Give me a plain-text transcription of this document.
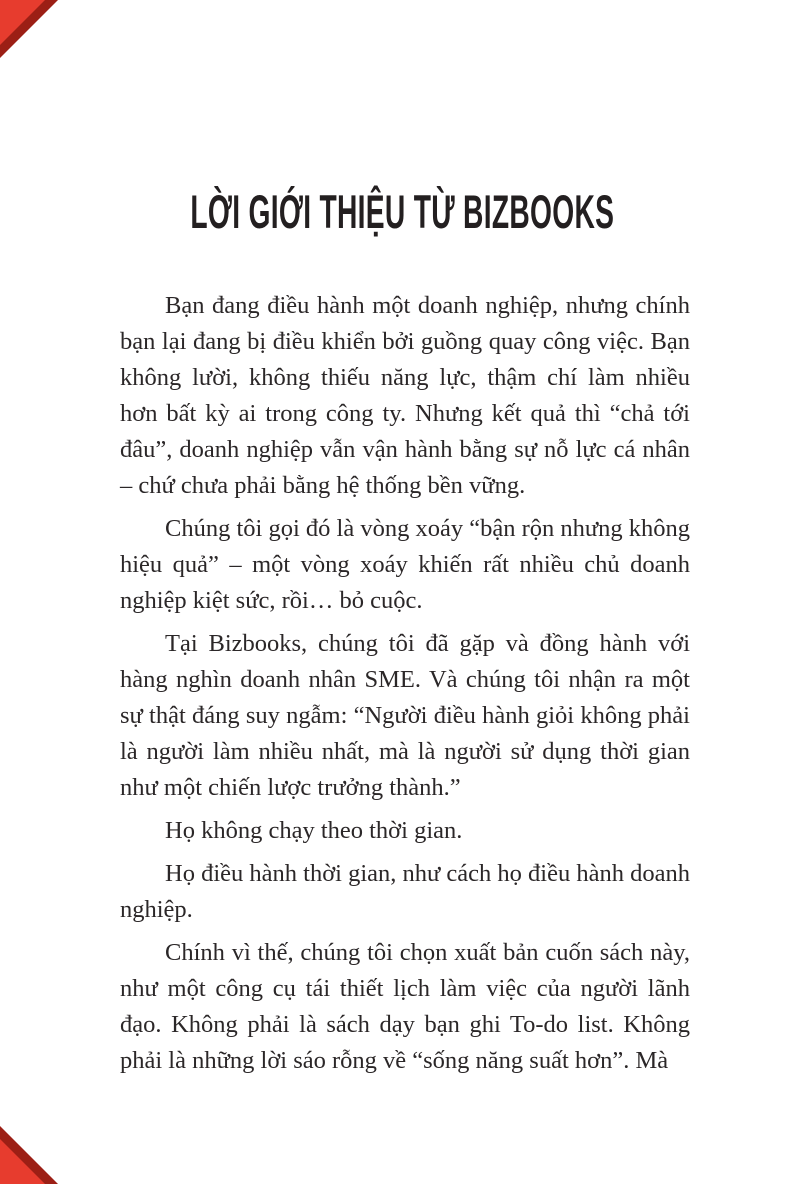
LỜI GIỚI THIỆU TỪ BIZBOOKS

Bạn đang điều hành một doanh nghiệp, nhưng chính bạn lại đang bị điều khiển bởi guồng quay công việc. Bạn không lười, không thiếu năng lực, thậm chí làm nhiều hơn bất kỳ ai trong công ty. Nhưng kết quả thì “chả tới đâu”, doanh nghiệp vẫn vận hành bằng sự nỗ lực cá nhân – chứ chưa phải bằng hệ thống bền vững.

Chúng tôi gọi đó là vòng xoáy “bận rộn nhưng không hiệu quả” – một vòng xoáy khiến rất nhiều chủ doanh nghiệp kiệt sức, rồi… bỏ cuộc.

Tại Bizbooks, chúng tôi đã gặp và đồng hành với hàng nghìn doanh nhân SME. Và chúng tôi nhận ra một sự thật đáng suy ngẫm: “Người điều hành giỏi không phải là người làm nhiều nhất, mà là người sử dụng thời gian như một chiến lược trưởng thành.”

Họ không chạy theo thời gian.

Họ điều hành thời gian, như cách họ điều hành doanh nghiệp.

Chính vì thế, chúng tôi chọn xuất bản cuốn sách này, như một công cụ tái thiết lịch làm việc của người lãnh đạo. Không phải là sách dạy bạn ghi To-do list. Không phải là những lời sáo rỗng về “sống năng suất hơn”. Mà
